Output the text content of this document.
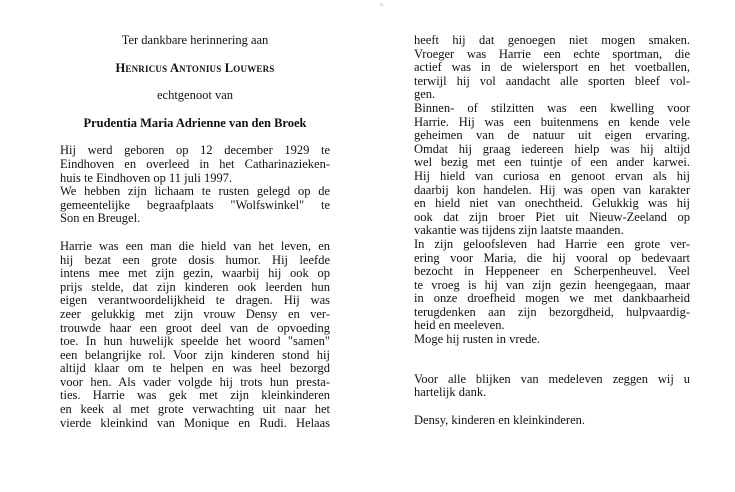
°
Ter dankbare herinnering aan
Henricus Antonius Louwers
echtgenoot van
Prudentia Maria Adrienne van den Broek
Hij werd geboren op 12 december 1929 te
Eindhoven en overleed in het Catharinazieken-
huis te Eindhoven op 11 juli 1997.
We hebben zijn lichaam te rusten gelegd op de
gemeentelijke begraafplaats "Wolfswinkel" te
Son en Breugel.
Harrie was een man die hield van het leven, en
hij bezat een grote dosis humor. Hij leefde
intens mee met zijn gezin, waarbij hij ook op
prijs stelde, dat zijn kinderen ook leerden hun
eigen verantwoordelijkheid te dragen. Hij was
zeer gelukkig met zijn vrouw Densy en ver-
trouwde haar een groot deel van de opvoeding
toe. In hun huwelijk speelde het woord "samen"
een belangrijke rol. Voor zijn kinderen stond hij
altijd klaar om te helpen en was heel bezorgd
voor hen. Als vader volgde hij trots hun presta-
ties. Harrie was gek met zijn kleinkinderen
en keek al met grote verwachting uit naar het
vierde kleinkind van Monique en Rudi. Helaas
heeft hij dat genoegen niet mogen smaken.
Vroeger was Harrie een echte sportman, die
actief was in de wielersport en het voetballen,
terwijl hij vol aandacht alle sporten bleef vol-
gen.
Binnen- of stilzitten was een kwelling voor
Harrie. Hij was een buitenmens en kende vele
geheimen van de natuur uit eigen ervaring.
Omdat hij graag iedereen hielp was hij altijd
wel bezig met een tuintje of een ander karwei.
Hij hield van curiosa en genoot ervan als hij
daarbij kon handelen. Hij was open van karakter
en hield niet van onechtheid. Gelukkig was hij
ook dat zijn broer Piet uit Nieuw-Zeeland op
vakantie was tijdens zijn laatste maanden.
In zijn geloofsleven had Harrie een grote ver-
ering voor Maria, die hij vooral op bedevaart
bezocht in Heppeneer en Scherpenheuvel. Veel
te vroeg is hij van zijn gezin heengegaan, maar
in onze droefheid mogen we met dankbaarheid
terugdenken aan zijn bezorgdheid, hulpvaardig-
heid en meeleven.
Moge hij rusten in vrede.
Voor alle blijken van medeleven zeggen wij u
hartelijk dank.
Densy, kinderen en kleinkinderen.
